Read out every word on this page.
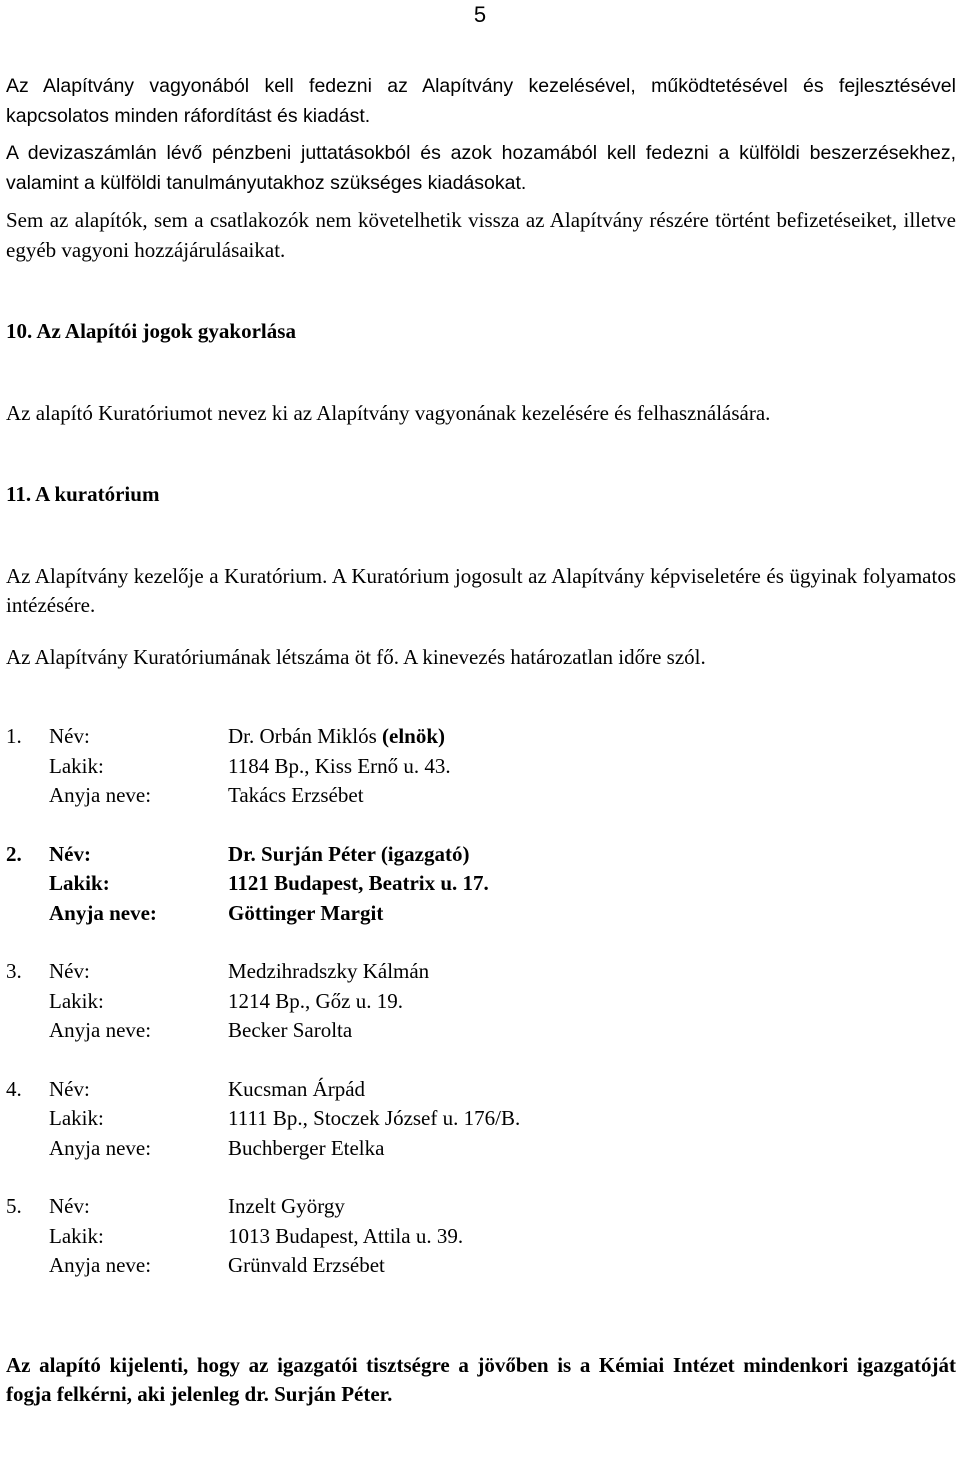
5

Az Alapítvány vagyonából kell fedezni az Alapítvány kezelésével, működtetésével és fejlesztésével kapcsolatos minden ráfordítást és kiadást.

A devizaszámlán lévő pénzbeni juttatásokból és azok hozamából kell fedezni a külföldi beszerzésekhez, valamint a külföldi tanulmányutakhoz szükséges kiadásokat.

Sem az alapítók, sem a csatlakozók nem követelhetik vissza az Alapítvány részére történt befizetéseiket, illetve egyéb vagyoni hozzájárulásaikat.

10. Az Alapítói jogok gyakorlása

Az alapító Kuratóriumot nevez ki az Alapítvány vagyonának kezelésére és felhasználására.

11. A kuratórium

Az Alapítvány kezelője a Kuratórium. A Kuratórium jogosult az Alapítvány képviseletére és ügyinak folyamatos intézésére.

Az Alapítvány Kuratóriumának létszáma öt fő. A kinevezés határozatlan időre szól.

1.	Név:	Dr. Orbán Miklós (elnök)
Lakik:	1184 Bp., Kiss Ernő u. 43.
Anyja neve:	Takács Erzsébet
2.	Név:	Dr. Surján Péter (igazgató)
Lakik:	1121 Budapest, Beatrix u. 17.
Anyja neve:	Göttinger Margit
3.	Név:	Medzihradszky Kálmán
Lakik:	1214 Bp., Gőz u. 19.
Anyja neve:	Becker Sarolta
4.	Név:	Kucsman Árpád
Lakik:	1111 Bp., Stoczek József u. 176/B.
Anyja neve:	Buchberger Etelka
5.	Név:	Inzelt György
Lakik:	1013 Budapest, Attila u. 39.
Anyja neve:	Grünvald Erzsébet

Az alapító kijelenti, hogy az igazgatói tisztségre a jövőben is a Kémiai Intézet mindenkori igazgatóját fogja felkérni, aki jelenleg dr. Surján Péter.
